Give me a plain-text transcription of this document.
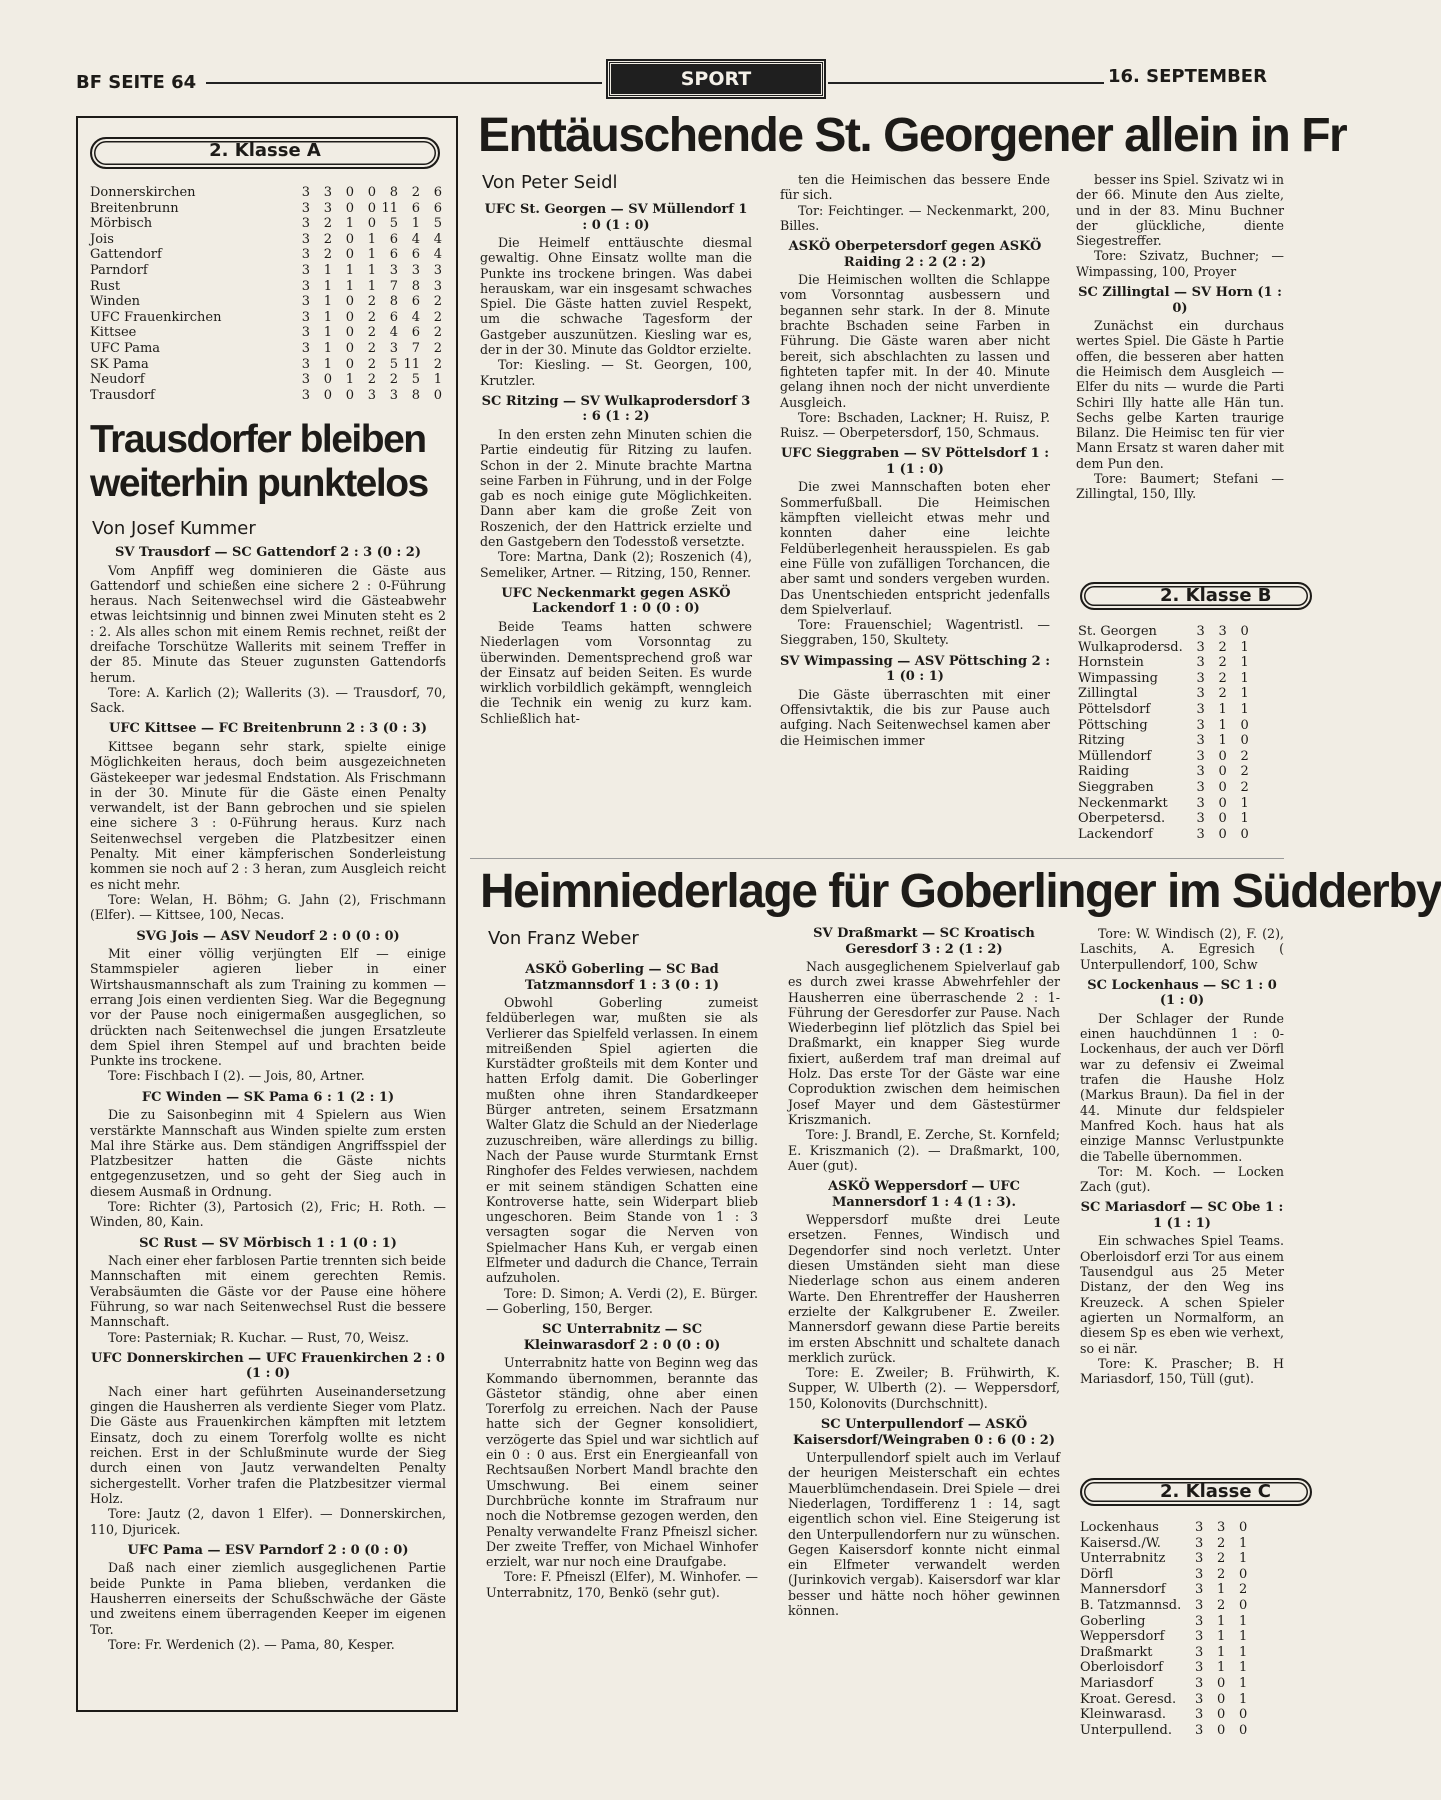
BF SEITE 64	SPORT	16. SEPTEMBER
2. Klasse A
Donnerskirchen	3	3	0	0	8	2	6
Breitenbrunn	3	3	0	0	11	6	6
Mörbisch	3	2	1	0	5	1	5
Jois	3	2	0	1	6	4	4
Gattendorf	3	2	0	1	6	6	4
Parndorf	3	1	1	1	3	3	3
Rust	3	1	1	1	7	8	3
Winden	3	1	0	2	8	6	2
UFC Frauenkirchen	3	1	0	2	6	4	2
Kittsee	3	1	0	2	4	6	2
UFC Pama	3	1	0	2	3	7	2
SK Pama	3	1	0	2	5	11	2
Neudorf	3	0	1	2	2	5	1
Trausdorf	3	0	0	3	3	8	0
Trausdorfer bleiben weiterhin punktelos
Von Josef Kummer
SV Trausdorf — SC Gattendorf 2 : 3 (0 : 2)

Vom Anpfiff weg dominieren die Gäste aus Gattendorf und schießen eine sichere 2 : 0-Führung heraus. Nach Seitenwechsel wird die Gästeabwehr etwas leichtsinnig und binnen zwei Minuten steht es 2 : 2. Als alles schon mit einem Remis rechnet, reißt der dreifache Torschütze Wallerits mit seinem Treffer in der 85. Minute das Steuer zugunsten Gattendorfs herum.

Tore: A. Karlich (2); Wallerits (3). — Trausdorf, 70, Sack.

UFC Kittsee — FC Breitenbrunn 2 : 3 (0 : 3)

Kittsee begann sehr stark, spielte einige Möglichkeiten heraus, doch beim ausgezeichneten Gästekeeper war jedesmal Endstation. Als Frischmann in der 30. Minute für die Gäste einen Penalty verwandelt, ist der Bann gebrochen und sie spielen eine sichere 3 : 0-Führung heraus. Kurz nach Seitenwechsel vergeben die Platzbesitzer einen Penalty. Mit einer kämpferischen Sonderleistung kommen sie noch auf 2 : 3 heran, zum Ausgleich reicht es nicht mehr.

Tore: Welan, H. Böhm; G. Jahn (2), Frischmann (Elfer). — Kittsee, 100, Necas.

SVG Jois — ASV Neudorf 2 : 0 (0 : 0)

Mit einer völlig verjüngten Elf — einige Stammspieler agieren lieber in einer Wirtshausmannschaft als zum Training zu kommen — errang Jois einen verdienten Sieg. War die Begegnung vor der Pause noch einigermaßen ausgeglichen, so drückten nach Seitenwechsel die jungen Ersatzleute dem Spiel ihren Stempel auf und brachten beide Punkte ins trockene.

Tore: Fischbach I (2). — Jois, 80, Artner.

FC Winden — SK Pama 6 : 1 (2 : 1)

Die zu Saisonbeginn mit 4 Spielern aus Wien verstärkte Mannschaft aus Winden spielte zum ersten Mal ihre Stärke aus. Dem ständigen Angriffsspiel der Platzbesitzer hatten die Gäste nichts entgegenzusetzen, und so geht der Sieg auch in diesem Ausmaß in Ordnung.

Tore: Richter (3), Partosich (2), Fric; H. Roth. — Winden, 80, Kain.

SC Rust — SV Mörbisch 1 : 1 (0 : 1)

Nach einer eher farblosen Partie trennten sich beide Mannschaften mit einem gerechten Remis. Verabsäumten die Gäste vor der Pause eine höhere Führung, so war nach Seitenwechsel Rust die bessere Mannschaft.

Tore: Pasterniak; R. Kuchar. — Rust, 70, Weisz.

UFC Donnerskirchen — UFC Frauenkirchen 2 : 0 (1 : 0)

Nach einer hart geführten Auseinandersetzung gingen die Hausherren als verdiente Sieger vom Platz. Die Gäste aus Frauenkirchen kämpften mit letztem Einsatz, doch zu einem Torerfolg wollte es nicht reichen. Erst in der Schlußminute wurde der Sieg durch einen von Jautz verwandelten Penalty sichergestellt. Vorher trafen die Platzbesitzer viermal Holz.

Tore: Jautz (2, davon 1 Elfer). — Donnerskirchen, 110, Djuricek.

UFC Pama — ESV Parndorf 2 : 0 (0 : 0)

Daß nach einer ziemlich ausgeglichenen Partie beide Punkte in Pama blieben, verdanken die Hausherren einerseits der Schußschwäche der Gäste und zweitens einem überragenden Keeper im eigenen Tor.

Tore: Fr. Werdenich (2). — Pama, 80, Kesper.

Enttäuschende St. Georgener allein in Fr
Von Peter Seidl
UFC St. Georgen — SV Müllendorf 1 : 0 (1 : 0)

Die Heimelf enttäuschte diesmal gewaltig. Ohne Einsatz wollte man die Punkte ins trockene bringen. Was dabei herauskam, war ein insgesamt schwaches Spiel. Die Gäste hatten zuviel Respekt, um die schwache Tagesform der Gastgeber auszunützen. Kiesling war es, der in der 30. Minute das Goldtor erzielte.

Tor: Kiesling. — St. Georgen, 100, Krutzler.

SC Ritzing — SV Wulkaprodersdorf 3 : 6 (1 : 2)

In den ersten zehn Minuten schien die Partie eindeutig für Ritzing zu laufen. Schon in der 2. Minute brachte Martna seine Farben in Führung, und in der Folge gab es noch einige gute Möglichkeiten. Dann aber kam die große Zeit von Roszenich, der den Hattrick erzielte und den Gastgebern den Todesstoß versetzte.

Tore: Martna, Dank (2); Roszenich (4), Semeliker, Artner. — Ritzing, 150, Renner.

UFC Neckenmarkt gegen ASKÖ Lackendorf 1 : 0 (0 : 0)

Beide Teams hatten schwere Niederlagen vom Vorsonntag zu überwinden. Dementsprechend groß war der Einsatz auf beiden Seiten. Es wurde wirklich vorbildlich gekämpft, wenngleich die Technik ein wenig zu kurz kam. Schließlich hat-

ten die Heimischen das bessere Ende für sich.

Tor: Feichtinger. — Neckenmarkt, 200, Billes.

ASKÖ Oberpetersdorf gegen ASKÖ Raiding 2 : 2 (2 : 2)

Die Heimischen wollten die Schlappe vom Vorsonntag ausbessern und begannen sehr stark. In der 8. Minute brachte Bschaden seine Farben in Führung. Die Gäste waren aber nicht bereit, sich abschlachten zu lassen und fighteten tapfer mit. In der 40. Minute gelang ihnen noch der nicht unverdiente Ausgleich.

Tore: Bschaden, Lackner; H. Ruisz, P. Ruisz. — Oberpetersdorf, 150, Schmaus.

UFC Sieggraben — SV Pöttelsdorf 1 : 1 (1 : 0)

Die zwei Mannschaften boten eher Sommerfußball. Die Heimischen kämpften vielleicht etwas mehr und konnten daher eine leichte Feldüberlegenheit herausspielen. Es gab eine Fülle von zufälligen Torchancen, die aber samt und sonders vergeben wurden. Das Unentschieden entspricht jedenfalls dem Spielverlauf.

Tore: Frauenschiel; Wagentristl. — Sieggraben, 150, Skultety.

SV Wimpassing — ASV Pöttsching 2 : 1 (0 : 1)

Die Gäste überraschten mit einer Offensivtaktik, die bis zur Pause auch aufging. Nach Seitenwechsel kamen aber die Heimischen immer

besser ins Spiel. Szivatz wi in der 66. Minute den Aus zielte, und in der 83. Minu Buchner der glückliche, diente Siegestreffer.

Tore: Szivatz, Buchner; — Wimpassing, 100, Proyer

SC Zillingtal — SV Horn (1 : 0)

Zunächst ein durchaus wertes Spiel. Die Gäste h Partie offen, die besseren aber hatten die Heimisch dem Ausgleich — Elfer du nits — wurde die Parti Schiri Illy hatte alle Hän tun. Sechs gelbe Karten traurige Bilanz. Die Heimisc ten für vier Mann Ersatz st waren daher mit dem Pun den.

Tore: Baumert; Stefani — Zillingtal, 150, Illy.

2. Klasse B
St. Georgen	3	3	0
Wulkaprodersd.	3	2	1
Hornstein	3	2	1
Wimpassing	3	2	1
Zillingtal	3	2	1
Pöttelsdorf	3	1	1
Pöttsching	3	1	0
Ritzing	3	1	0
Müllendorf	3	0	2
Raiding	3	0	2
Sieggraben	3	0	2
Neckenmarkt	3	0	1
Oberpetersd.	3	0	1
Lackendorf	3	0	0
Heimniederlage für Goberlinger im Südderby
Von Franz Weber
ASKÖ Goberling — SC Bad Tatzmannsdorf 1 : 3 (0 : 1)

Obwohl Goberling zumeist feldüberlegen war, mußten sie als Verlierer das Spielfeld verlassen. In einem mitreißenden Spiel agierten die Kurstädter großteils mit dem Konter und hatten Erfolg damit. Die Goberlinger mußten ohne ihren Standardkeeper Bürger antreten, seinem Ersatzmann Walter Glatz die Schuld an der Niederlage zuzuschreiben, wäre allerdings zu billig. Nach der Pause wurde Sturmtank Ernst Ringhofer des Feldes verwiesen, nachdem er mit seinem ständigen Schatten eine Kontroverse hatte, sein Widerpart blieb ungeschoren. Beim Stande von 1 : 3 versagten sogar die Nerven von Spielmacher Hans Kuh, er vergab einen Elfmeter und dadurch die Chance, Terrain aufzuholen.

Tore: D. Simon; A. Verdi (2), E. Bürger. — Goberling, 150, Berger.

SC Unterrabnitz — SC Kleinwarasdorf 2 : 0 (0 : 0)

Unterrabnitz hatte von Beginn weg das Kommando übernommen, berannte das Gästetor ständig, ohne aber einen Torerfolg zu erreichen. Nach der Pause hatte sich der Gegner konsolidiert, verzögerte das Spiel und war sichtlich auf ein 0 : 0 aus. Erst ein Energieanfall von Rechtsaußen Norbert Mandl brachte den Umschwung. Bei einem seiner Durchbrüche konnte im Strafraum nur noch die Notbremse gezogen werden, den Penalty verwandelte Franz Pfneiszl sicher. Der zweite Treffer, von Michael Winhofer erzielt, war nur noch eine Draufgabe.

Tore: F. Pfneiszl (Elfer), M. Winhofer. — Unterrabnitz, 170, Benkö (sehr gut).

SV Draßmarkt — SC Kroatisch Geresdorf 3 : 2 (1 : 2)

Nach ausgeglichenem Spielverlauf gab es durch zwei krasse Abwehrfehler der Hausherren eine überraschende 2 : 1-Führung der Geresdorfer zur Pause. Nach Wiederbeginn lief plötzlich das Spiel bei Draßmarkt, ein knapper Sieg wurde fixiert, außerdem traf man dreimal auf Holz. Das erste Tor der Gäste war eine Coproduktion zwischen dem heimischen Josef Mayer und dem Gästestürmer Kriszmanich.

Tore: J. Brandl, E. Zerche, St. Kornfeld; E. Kriszmanich (2). — Draßmarkt, 100, Auer (gut).

ASKÖ Weppersdorf — UFC Mannersdorf 1 : 4 (1 : 3).

Weppersdorf mußte drei Leute ersetzen. Fennes, Windisch und Degendorfer sind noch verletzt. Unter diesen Umständen sieht man diese Niederlage schon aus einem anderen Warte. Den Ehrentreffer der Hausherren erzielte der Kalkgrubener E. Zweiler. Mannersdorf gewann diese Partie bereits im ersten Abschnitt und schaltete danach merklich zurück.

Tore: E. Zweiler; B. Frühwirth, K. Supper, W. Ulberth (2). — Weppersdorf, 150, Kolonovits (Durchschnitt).

SC Unterpullendorf — ASKÖ Kaisersdorf/Weingraben 0 : 6 (0 : 2)

Unterpullendorf spielt auch im Verlauf der heurigen Meisterschaft ein echtes Mauerblümchendasein. Drei Spiele — drei Niederlagen, Tordifferenz 1 : 14, sagt eigentlich schon viel. Eine Steigerung ist den Unterpullendorfern nur zu wünschen. Gegen Kaisersdorf konnte nicht einmal ein Elfmeter verwandelt werden (Jurinkovich vergab). Kaisersdorf war klar besser und hätte noch höher gewinnen können.

Tore: W. Windisch (2), F. (2), Laschits, A. Egresich ( Unterpullendorf, 100, Schw

SC Lockenhaus — SC 1 : 0 (1 : 0)

Der Schlager der Runde einen hauchdünnen 1 : 0- Lockenhaus, der auch ver Dörfl war zu defensiv ei Zweimal trafen die Haushe Holz (Markus Braun). Da fiel in der 44. Minute dur feldspieler Manfred Koch. haus hat als einzige Mannsc Verlustpunkte die Tabelle übernommen.

Tor: M. Koch. — Locken Zach (gut).

SC Mariasdorf — SC Obe 1 : 1 (1 : 1)

Ein schwaches Spiel Teams. Oberloisdorf erzi Tor aus einem Tausendgul aus 25 Meter Distanz, der den Weg ins Kreuzeck. A schen Spieler agierten un Normalform, an diesem Sp es eben wie verhext, so ei när.

Tore: K. Prascher; B. H Mariasdorf, 150, Tüll (gut).

2. Klasse C
Lockenhaus	3	3	0
Kaisersd./W.	3	2	1
Unterrabnitz	3	2	1
Dörfl	3	2	0
Mannersdorf	3	1	2
B. Tatzmannsd.	3	2	0
Goberling	3	1	1
Weppersdorf	3	1	1
Draßmarkt	3	1	1
Oberloisdorf	3	1	1
Mariasdorf	3	0	1
Kroat. Geresd.	3	0	1
Kleinwarasd.	3	0	0
Unterpullend.	3	0	0
